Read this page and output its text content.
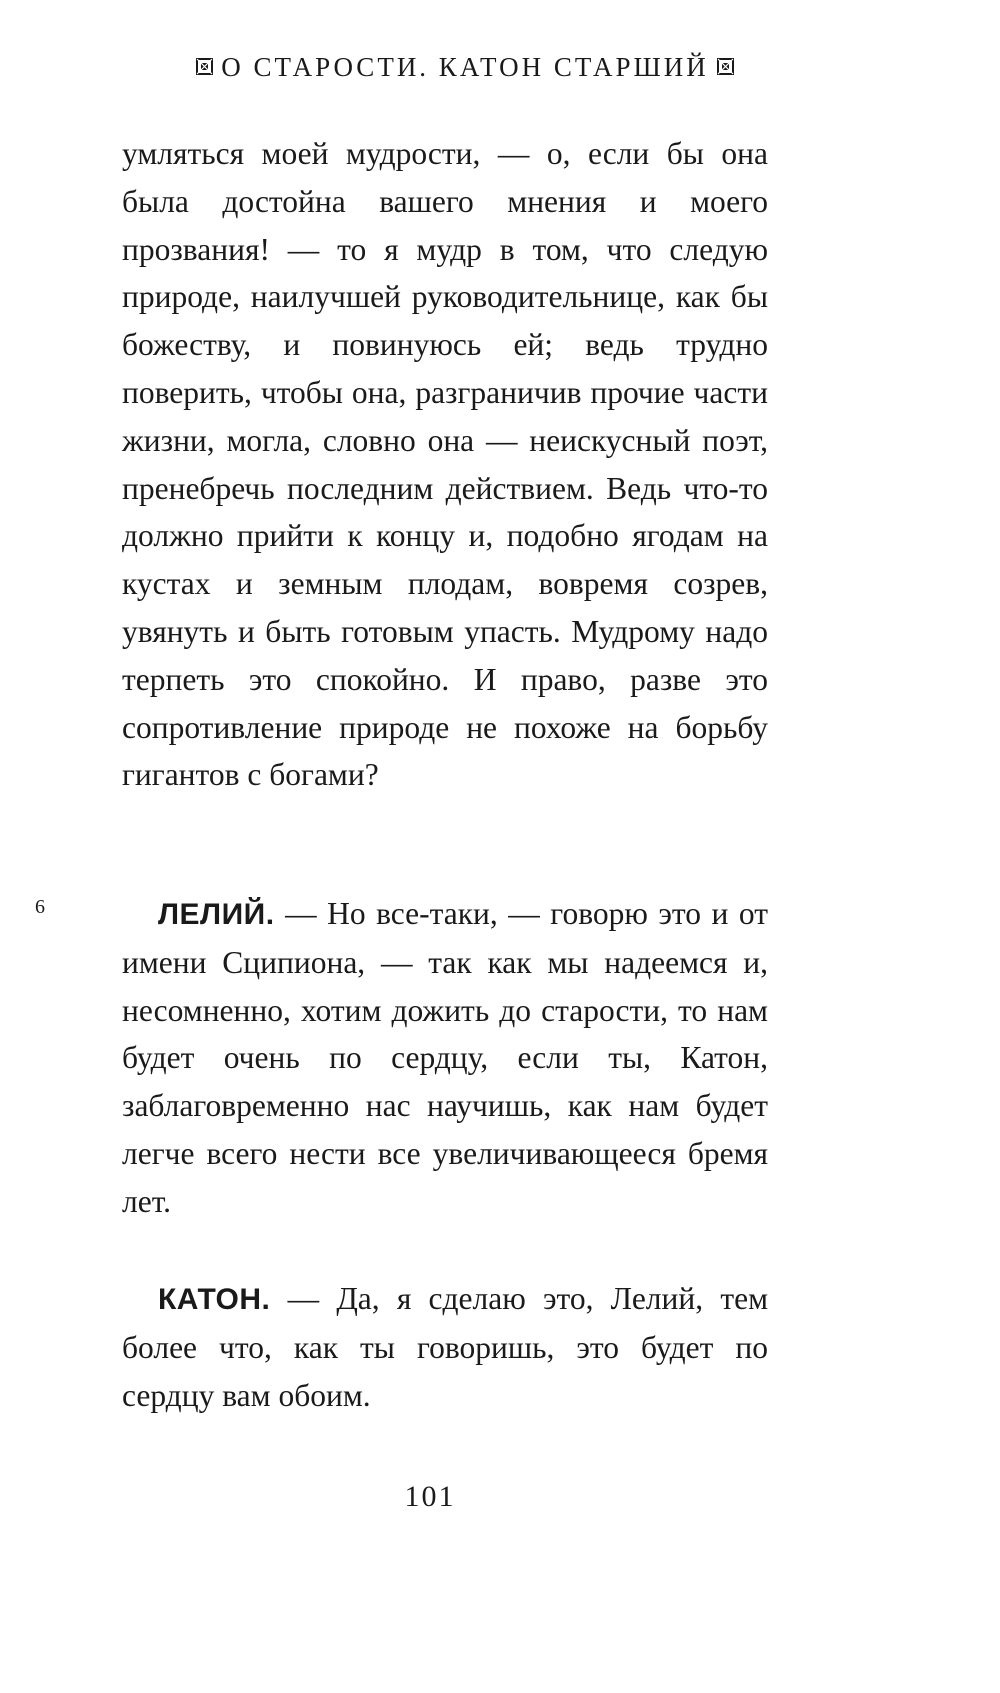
О СТАРОСТИ. КАТОН СТАРШИЙ

умляться моей мудрости, — о, если бы она была достойна вашего мнения и моего прозвания! — то я мудр в том, что следую природе, наилучшей руководительнице, как бы божеству, и повинуюсь ей; ведь трудно поверить, чтобы она, разграничив прочие части жизни, могла, словно она — неискусный поэт, пренебречь последним действием. Ведь что-то должно прийти к концу и, подобно ягодам на кустах и земным плодам, вовремя созрев, увянуть и быть готовым упасть. Мудрому надо терпеть это спокойно. И право, разве это сопротивление природе не похоже на борьбу гигантов с богами?

6	ЛЕЛИЙ. — Но все-таки, — говорю это и от имени Сципиона, — так как мы надеемся и, несомненно, хотим дожить до старости, то нам будет очень по сердцу, если ты, Катон, заблаговременно нас научишь, как нам будет легче всего нести все увеличивающееся бремя лет.

КАТОН. — Да, я сделаю это, Лелий, тем более что, как ты говоришь, это будет по сердцу вам обоим.

101
